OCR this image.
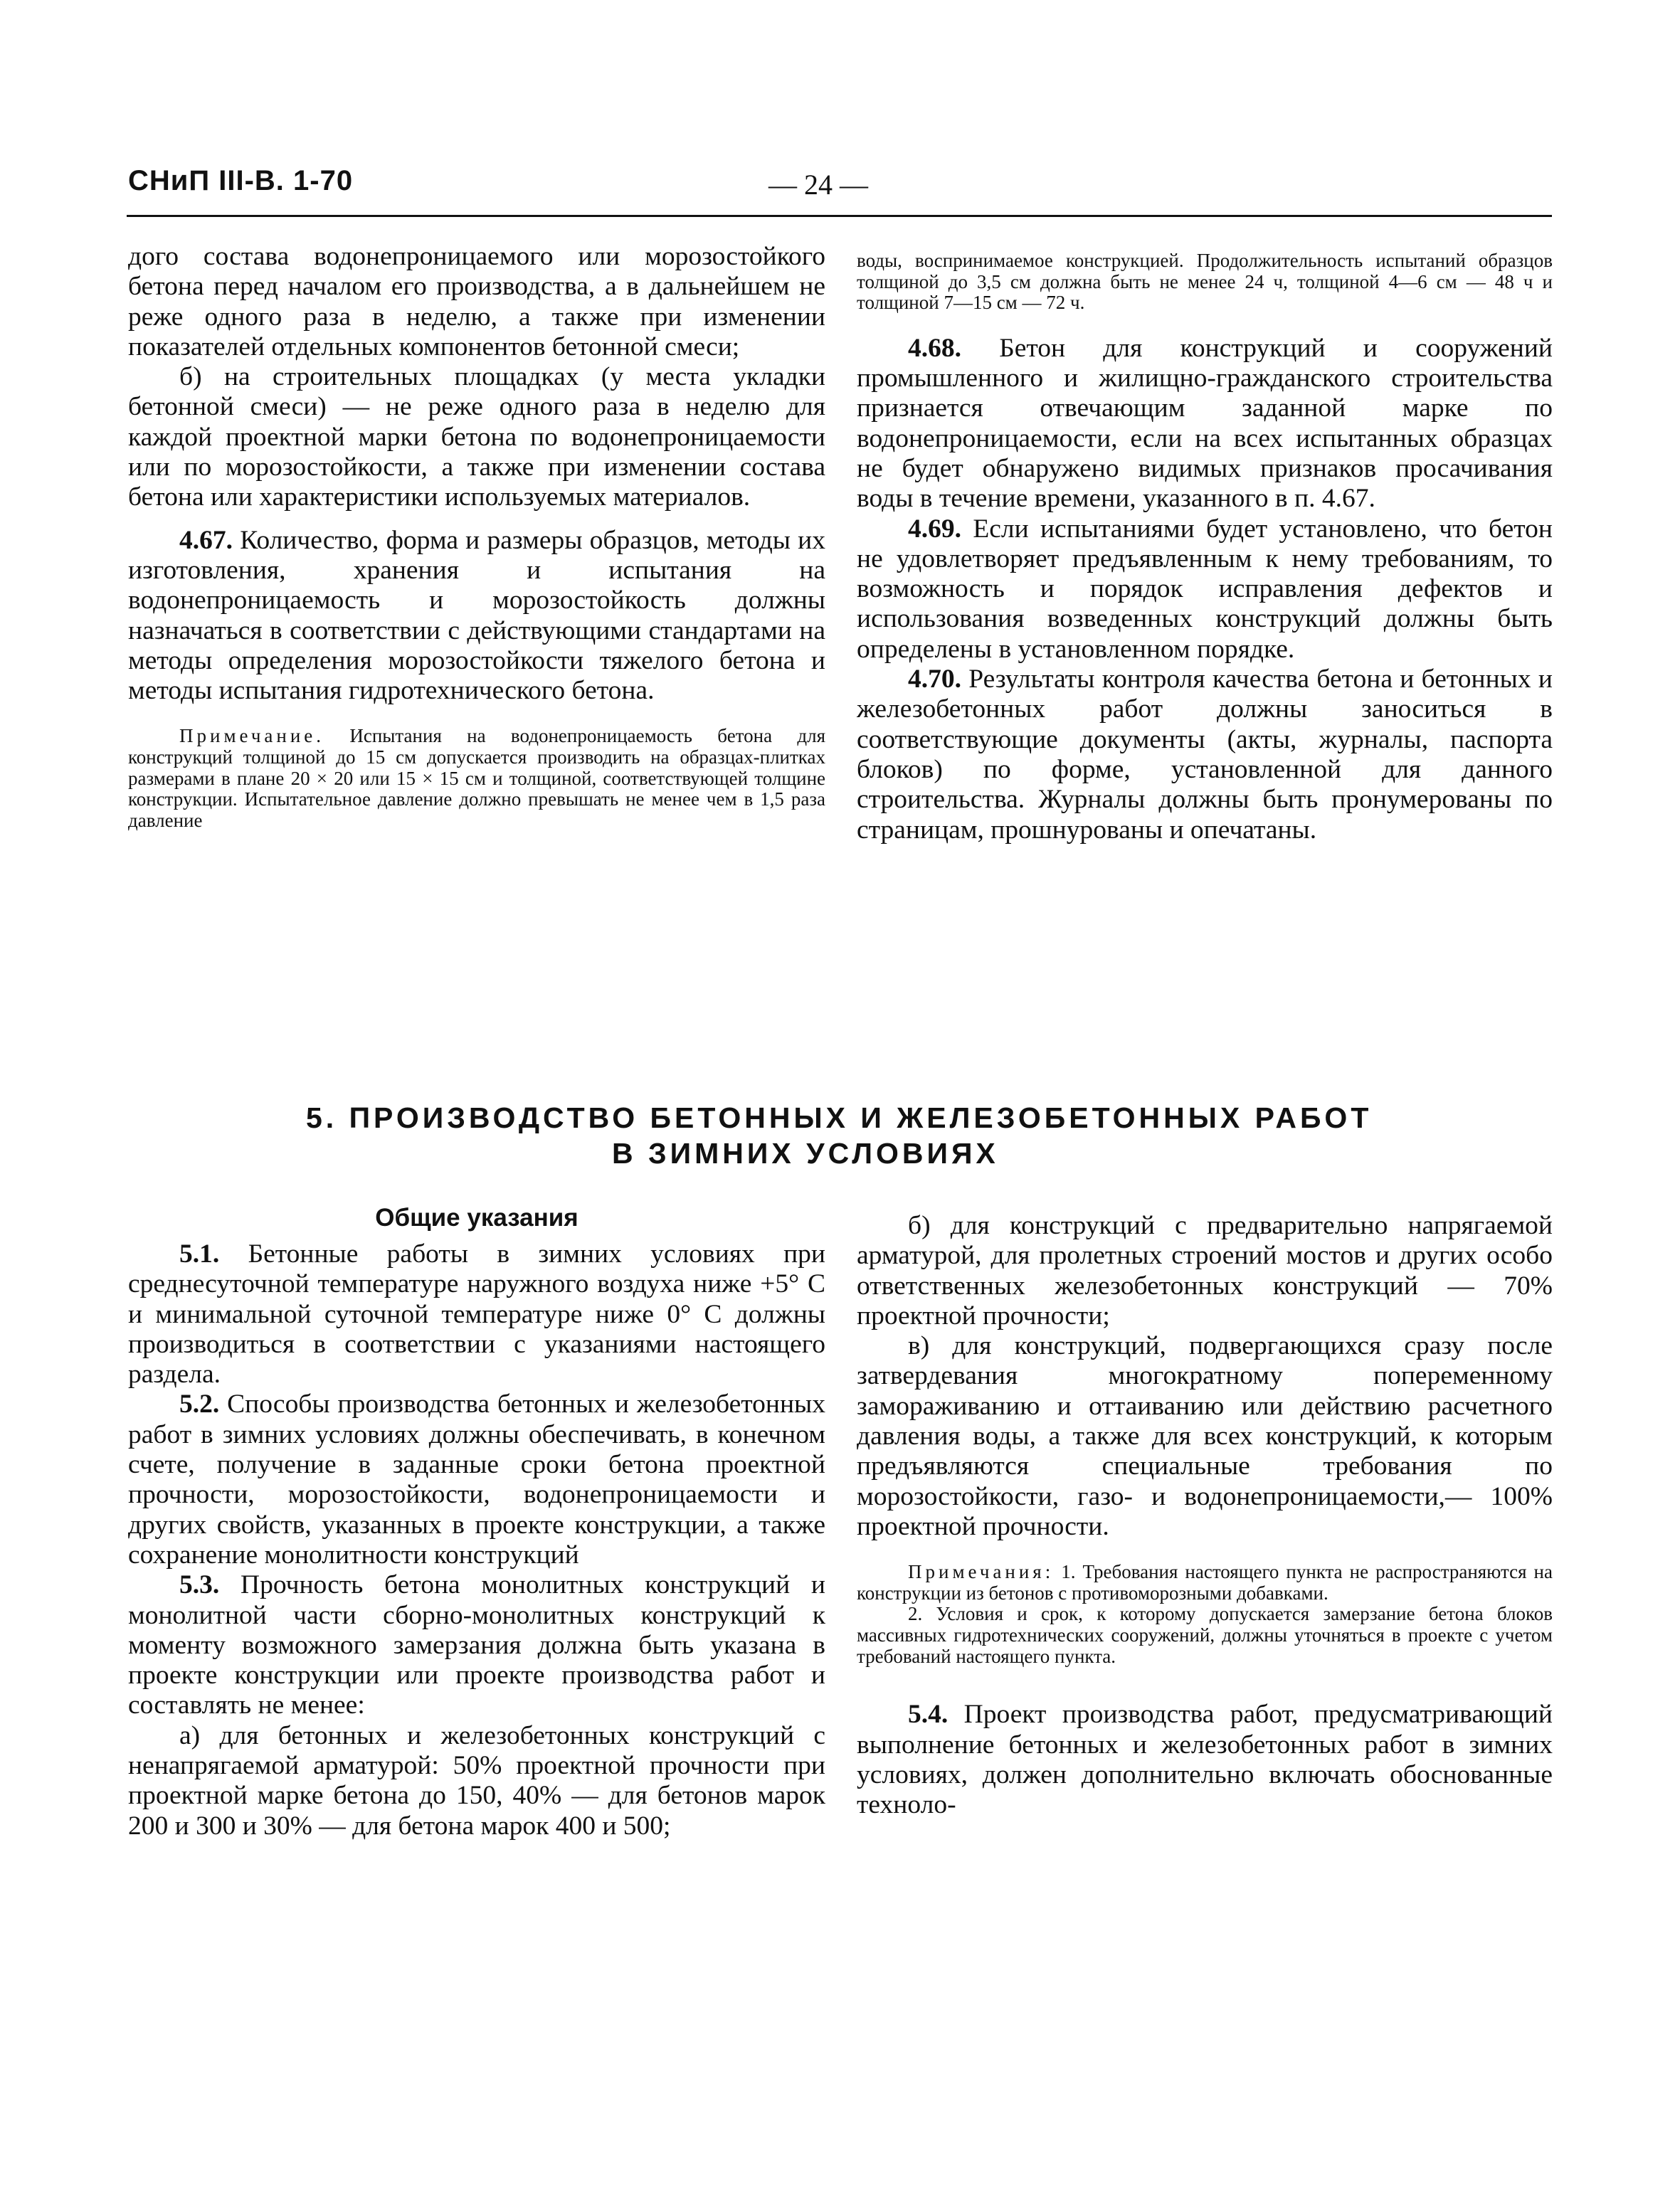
СНиП III-В. 1-70	— 24 —

дого состава водонепроницаемого или морозостойкого бетона перед началом его производства, а в дальнейшем не реже одного раза в неделю, а также при изменении показателей отдельных компонентов бетонной смеси;

б) на строительных площадках (у места укладки бетонной смеси) — не реже одного раза в неделю для каждой проектной марки бетона по водонепроницаемости или по морозостойкости, а также при изменении состава бетона или характеристики используемых материалов.

4.67. Количество, форма и размеры образцов, методы их изготовления, хранения и испытания на водонепроницаемость и морозостойкость должны назначаться в соответствии с действующими стандартами на методы определения морозостойкости тяжелого бетона и методы испытания гидротехнического бетона.

Примечание. Испытания на водонепроницаемость бетона для конструкций толщиной до 15 см допускается производить на образцах-плитках размерами в плане 20 × 20 или 15 × 15 см и толщиной, соответствующей толщине конструкции. Испытательное давление должно превышать не менее чем в 1,5 раза давление

воды, воспринимаемое конструкцией. Продолжительность испытаний образцов толщиной до 3,5 см должна быть не менее 24 ч, толщиной 4—6 см — 48 ч и толщиной 7—15 см — 72 ч.

4.68. Бетон для конструкций и сооружений промышленного и жилищно-гражданского строительства признается отвечающим заданной марке по водонепроницаемости, если на всех испытанных образцах не будет обнаружено видимых признаков просачивания воды в течение времени, указанного в п. 4.67.

4.69. Если испытаниями будет установлено, что бетон не удовлетворяет предъявленным к нему требованиям, то возможность и порядок исправления дефектов и использования возведенных конструкций должны быть определены в установленном порядке.

4.70. Результаты контроля качества бетона и бетонных и железобетонных работ должны заноситься в соответствующие документы (акты, журналы, паспорта блоков) по форме, установленной для данного строительства. Журналы должны быть пронумерованы по страницам, прошнурованы и опечатаны.

5. ПРОИЗВОДСТВО БЕТОННЫХ И ЖЕЛЕЗОБЕТОННЫХ РАБОТ
В ЗИМНИХ УСЛОВИЯХ
Общие указания

5.1. Бетонные работы в зимних условиях при среднесуточной температуре наружного воздуха ниже +5° С и минимальной суточной температуре ниже 0° С должны производиться в соответствии с указаниями настоящего раздела.

5.2. Способы производства бетонных и железобетонных работ в зимних условиях должны обеспечивать, в конечном счете, получение в заданные сроки бетона проектной прочности, морозостойкости, водонепроницаемости и других свойств, указанных в проекте конструкции, а также сохранение монолитности конструкций

5.3. Прочность бетона монолитных конструкций и монолитной части сборно-монолитных конструкций к моменту возможного замерзания должна быть указана в проекте конструкции или проекте производства работ и составлять не менее:

а) для бетонных и железобетонных конструкций с ненапрягаемой арматурой: 50% проектной прочности при проектной марке бетона до 150, 40% — для бетонов марок 200 и 300 и 30% — для бетона марок 400 и 500;

б) для конструкций с предварительно напрягаемой арматурой, для пролетных строений мостов и других особо ответственных железобетонных конструкций — 70% проектной прочности;

в) для конструкций, подвергающихся сразу после затвердевания многократному попеременному замораживанию и оттаиванию или действию расчетного давления воды, а также для всех конструкций, к которым предъявляются специальные требования по морозостойкости, газо- и водонепроницаемости,— 100% проектной прочности.

Примечания: 1. Требования настоящего пункта не распространяются на конструкции из бетонов с противоморозными добавками.

2. Условия и срок, к которому допускается замерзание бетона блоков массивных гидротехнических сооружений, должны уточняться в проекте с учетом требований настоящего пункта.

5.4. Проект производства работ, предусматривающий выполнение бетонных и железобетонных работ в зимних условиях, должен дополнительно включать обоснованные техноло-
